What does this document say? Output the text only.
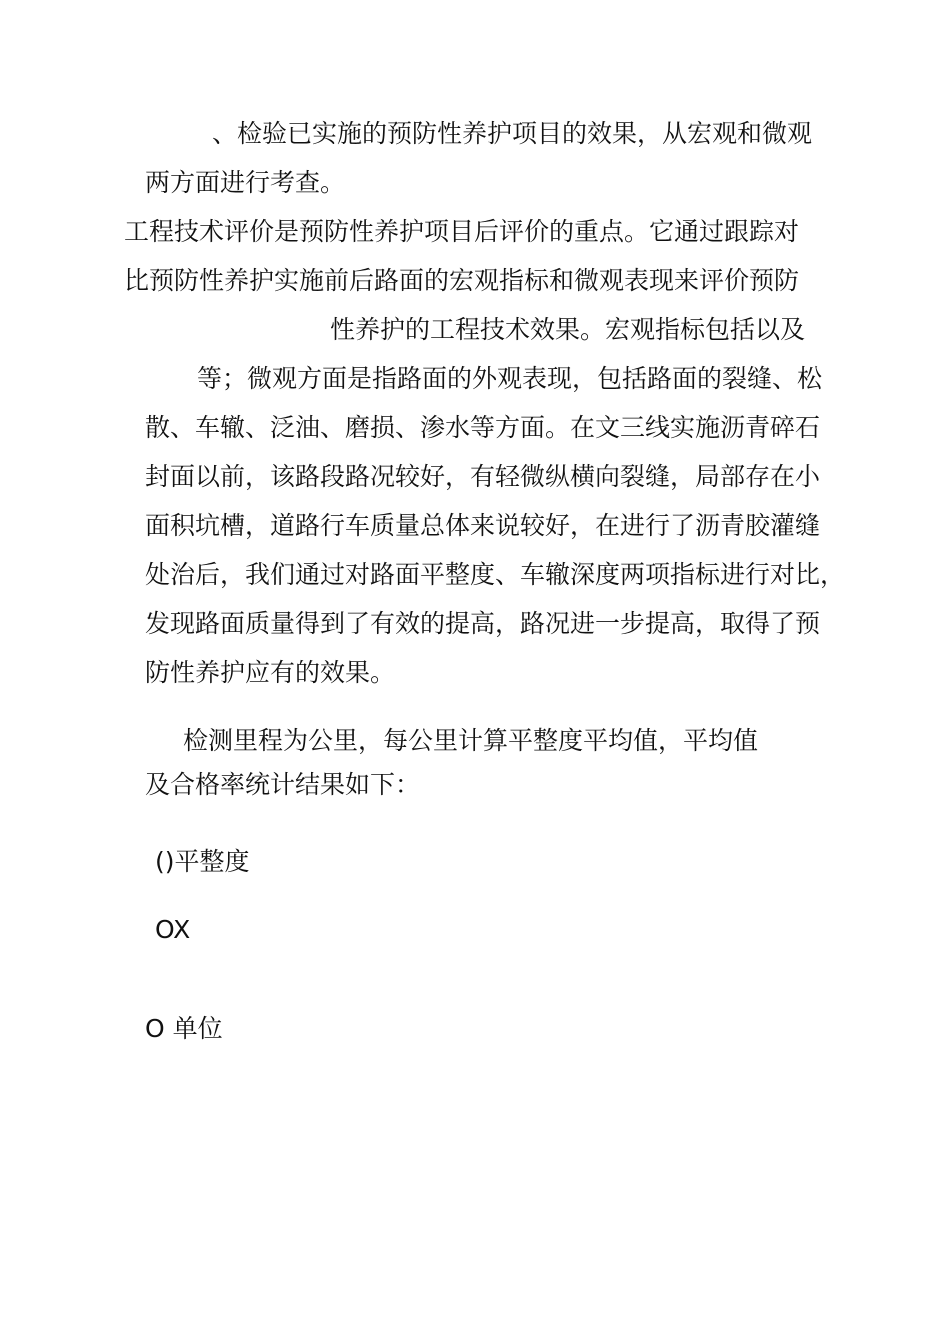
、检验已实施的预防性养护项目的效果，从宏观和微观

两方面进行考查。

工程技术评价是预防性养护项目后评价的重点。它通过跟踪对

比预防性养护实施前后路面的宏观指标和微观表现来评价预防

性养护的工程技术效果。宏观指标包括以及

等；微观方面是指路面的外观表现，包括路面的裂缝、松

散、车辙、泛油、磨损、渗水等方面。在文三线实施沥青碎石

封面以前，该路段路况较好，有轻微纵横向裂缝，局部存在小

面积坑槽，道路行车质量总体来说较好，在进行了沥青胶灌缝

处治后，我们通过对路面平整度、车辙深度两项指标进行对比，

发现路面质量得到了有效的提高，路况进一步提高，取得了预

防性养护应有的效果。

检测里程为公里，每公里计算平整度平均值，平均值

及合格率统计结果如下：

()平整度

OX

O 单位
